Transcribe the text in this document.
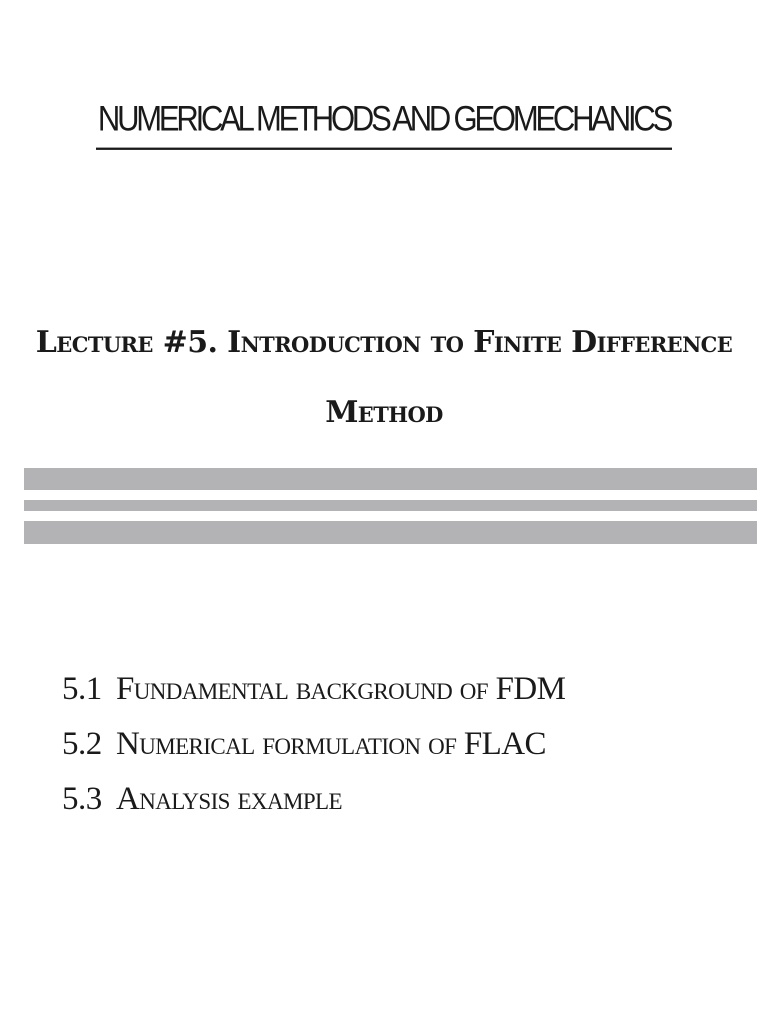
NUMERICAL METHODS AND GEOMECHANICS
Lecture #5. Introduction to Finite Difference
Method
5.1 Fundamental background of FDM
5.2 Numerical formulation of FLAC
5.3 Analysis example
